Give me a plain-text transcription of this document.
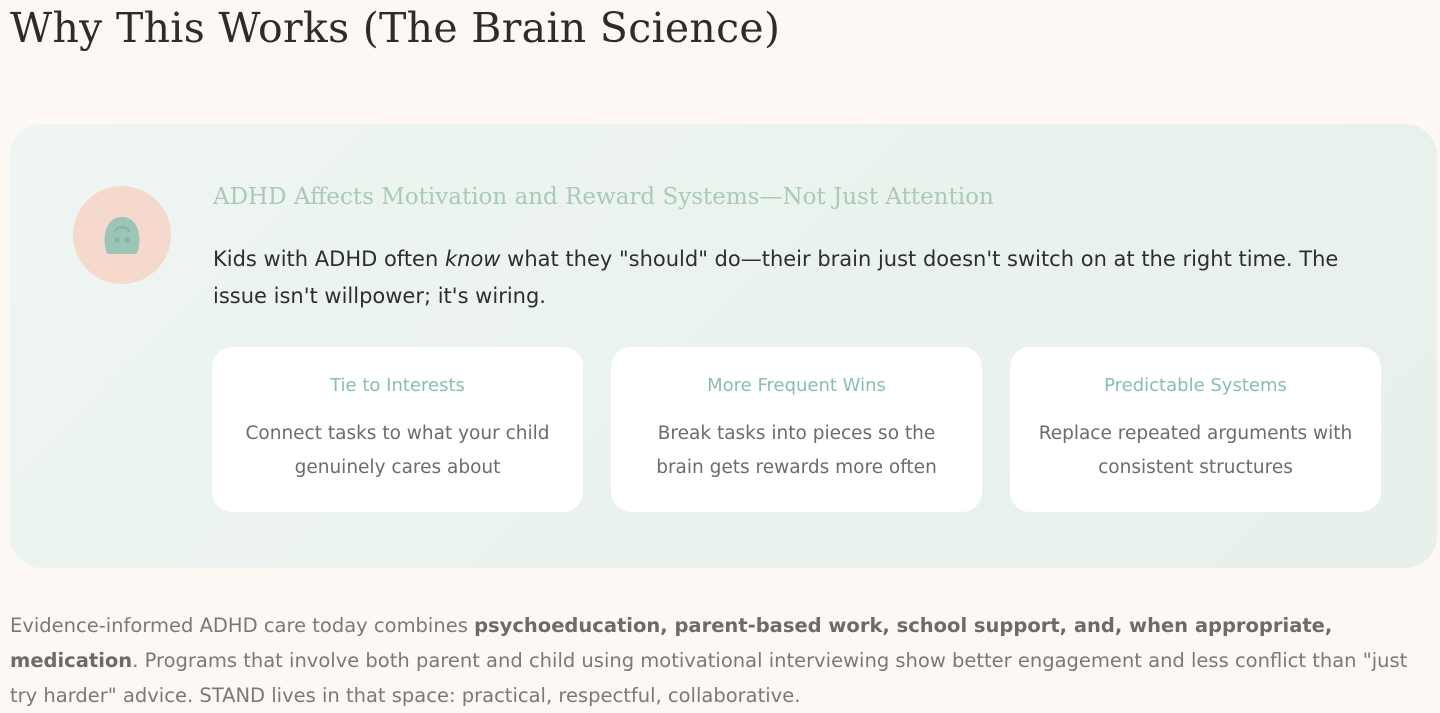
Why This Works (The Brain Science)
ADHD Affects Motivation and Reward Systems—Not Just Attention

Kids with ADHD often know what they "should" do—their brain just doesn't switch on at the right time. The issue isn't willpower; it's wiring.

Tie to Interests

Connect tasks to what your child genuinely cares about

More Frequent Wins

Break tasks into pieces so the brain gets rewards more often

Predictable Systems

Replace repeated arguments with consistent structures

Evidence-informed ADHD care today combines psychoeducation, parent-based work, school support, and, when appropriate, medication. Programs that involve both parent and child using motivational interviewing show better engagement and less conflict than "just try harder" advice. STAND lives in that space: practical, respectful, collaborative.
